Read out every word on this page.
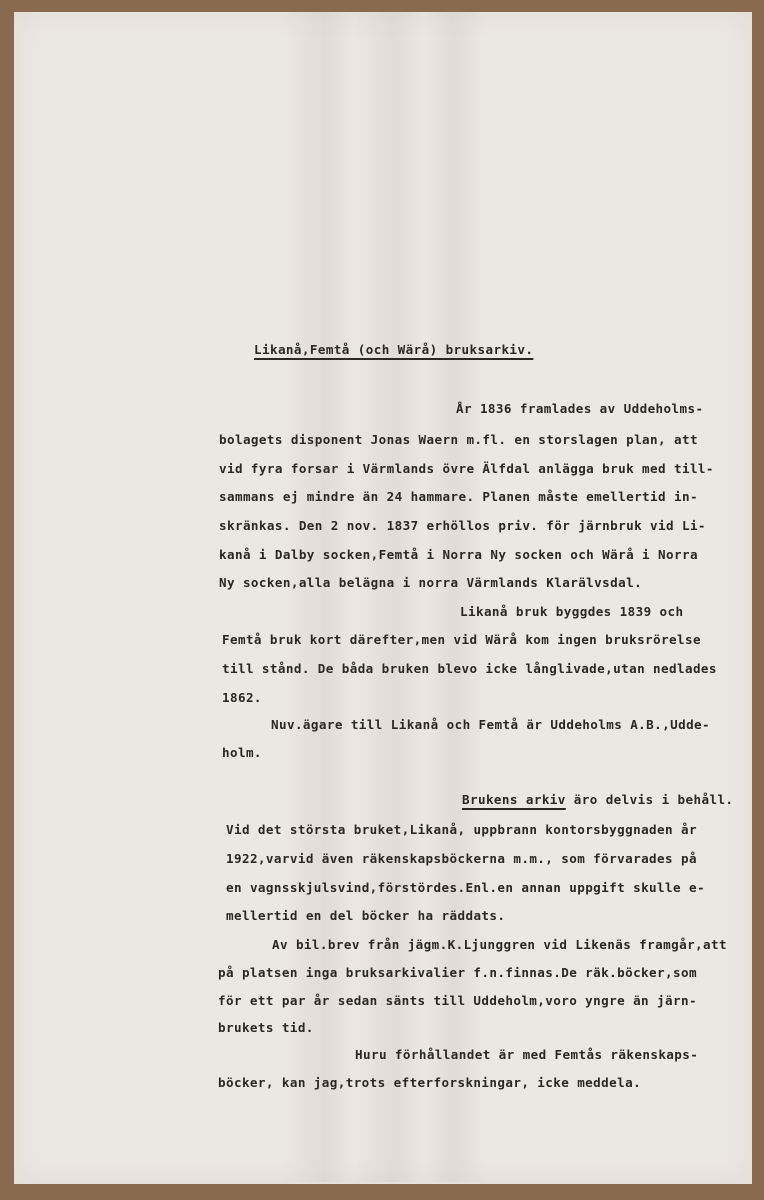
Likanå,Femtå (och Wärå) bruksarkiv.
År 1836 framlades av Uddeholms-
bolagets disponent Jonas Waern m.fl. en storslagen plan, att
vid fyra forsar i Värmlands övre Älfdal anlägga bruk med till-
sammans ej mindre än 24 hammare. Planen måste emellertid in-
skränkas. Den 2 nov. 1837 erhöllos priv. för järnbruk vid Li-
kanå i Dalby socken,Femtå i Norra Ny socken och Wärå i Norra
Ny socken,alla belägna i norra Värmlands Klarälvsdal.
Likanå bruk byggdes 1839 och
Femtå bruk kort därefter,men vid Wärå kom ingen bruksrörelse
till stånd. De båda bruken blevo icke långlivade,utan nedlades
1862.
Nuv.ägare till Likanå och Femtå är Uddeholms A.B.,Udde-
holm.
Brukens arkiv äro delvis i behåll.
Vid det största bruket,Likanå, uppbrann kontorsbyggnaden år
1922,varvid även räkenskapsböckerna m.m., som förvarades på
en vagnsskjulsvind,förstördes.Enl.en annan uppgift skulle e-
mellertid en del böcker ha räddats.
Av bil.brev från jägm.K.Ljunggren vid Likenäs framgår,att
på platsen inga bruksarkivalier f.n.finnas.De räk.böcker,som
för ett par år sedan sänts till Uddeholm,voro yngre än järn-
brukets tid.
Huru förhållandet är med Femtås räkenskaps-
böcker, kan jag,trots efterforskningar, icke meddela.
